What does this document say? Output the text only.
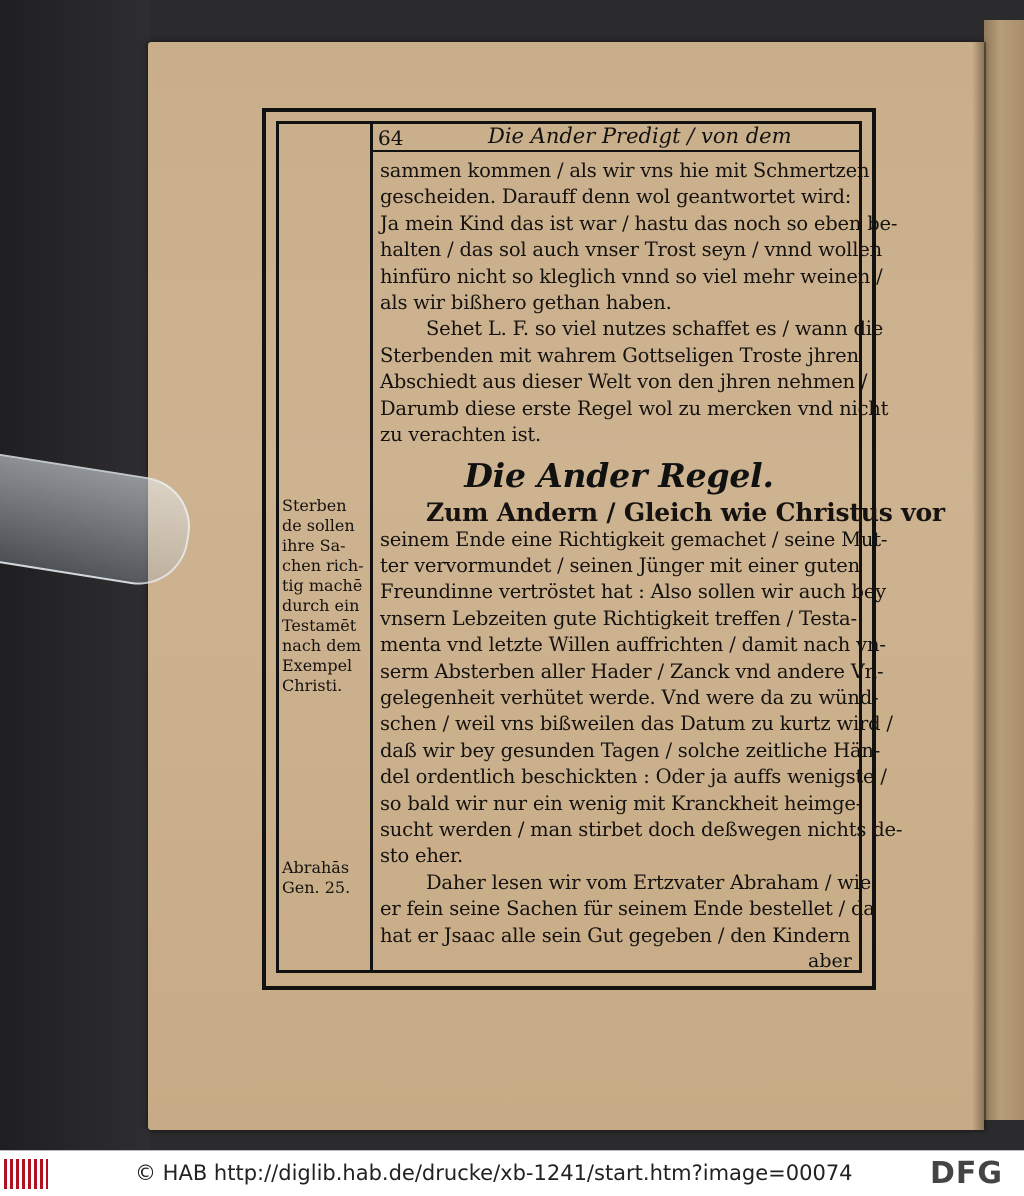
64	Die Ander Predigt / von dem
sammen kommen / als wir vns hie mit Schmertzen
gescheiden. Darauff denn wol geantwortet wird:
Ja mein Kind das ist war / hastu das noch so eben be-
halten / das sol auch vnser Trost seyn / vnnd wollen
hinfüro nicht so kleglich vnnd so viel mehr weinen /
als wir bißhero gethan haben.
Sehet L. F. so viel nutzes schaffet es / wann die
Sterbenden mit wahrem Gottseligen Troste jhren
Abschiedt aus dieser Welt von den jhren nehmen /
Darumb diese erste Regel wol zu mercken vnd nicht
zu verachten ist.
Die Ander Regel.
Zum Andern / Gleich wie Christus vor
seinem Ende eine Richtigkeit gemachet / seine Mut-
ter vervormundet / seinen Jünger mit einer guten
Freundinne vertröstet hat : Also sollen wir auch bey
vnsern Lebzeiten gute Richtigkeit treffen / Testa-
menta vnd letzte Willen auffrichten / damit nach vn-
serm Absterben aller Hader / Zanck vnd andere Vn-
gelegenheit verhütet werde. Vnd were da zu wünd-
schen / weil vns bißweilen das Datum zu kurtz wird /
daß wir bey gesunden Tagen / solche zeitliche Hän-
del ordentlich beschickten : Oder ja auffs wenigste /
so bald wir nur ein wenig mit Kranckheit heimge-
sucht werden / man stirbet doch deßwegen nichts de-
sto eher.
Daher lesen wir vom Ertzvater Abraham / wie
er fein seine Sachen für seinem Ende bestellet / da
hat er Jsaac alle sein Gut gegeben / den Kindern
Sterben
de sollen
ihre Sa-
chen rich-
tig machē
durch ein
Testamēt
nach dem
Exempel
Christi.
Abrahās
Gen. 25.
aber
© HAB http://diglib.hab.de/drucke/xb-1241/start.htm?image=00074	DFG
